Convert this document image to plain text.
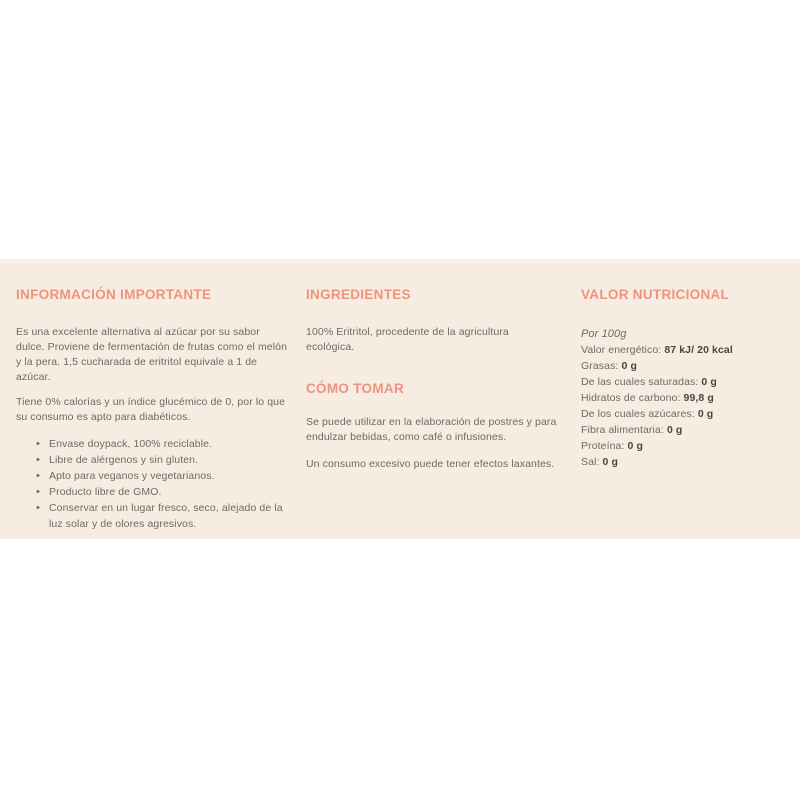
INFORMACIÓN IMPORTANTE

Es una excelente alternativa al azúcar por su sabor dulce. Proviene de fermentación de frutas como el melón y la pera. 1,5 cucharada de eritritol equivale a 1 de azúcar.

Tiene 0% calorías y un índice glucémico de 0, por lo que su consumo es apto para diabéticos.

• Envase doypack, 100% reciclable.
• Libre de alérgenos y sin gluten.
• Apto para veganos y vegetarianos.
• Producto libre de GMO.
• Conservar en un lugar fresco, seco, alejado de la luz solar y de olores agresivos.
INGREDIENTES

100% Eritritol, procedente de la agricultura ecológica.

CÓMO TOMAR

Se puede utilizar en la elaboración de postres y para endulzar bebidas, como café o infusiones.

Un consumo excesivo puede tener efectos laxantes.

VALOR NUTRICIONAL

Por 100g

Valor energético: 87 kJ/ 20 kcal
Grasas: 0 g
De las cuales saturadas: 0 g
Hidratos de carbono: 99,8 g
De los cuales azúcares: 0 g
Fibra alimentaria: 0 g
Proteína: 0 g
Sal: 0 g
